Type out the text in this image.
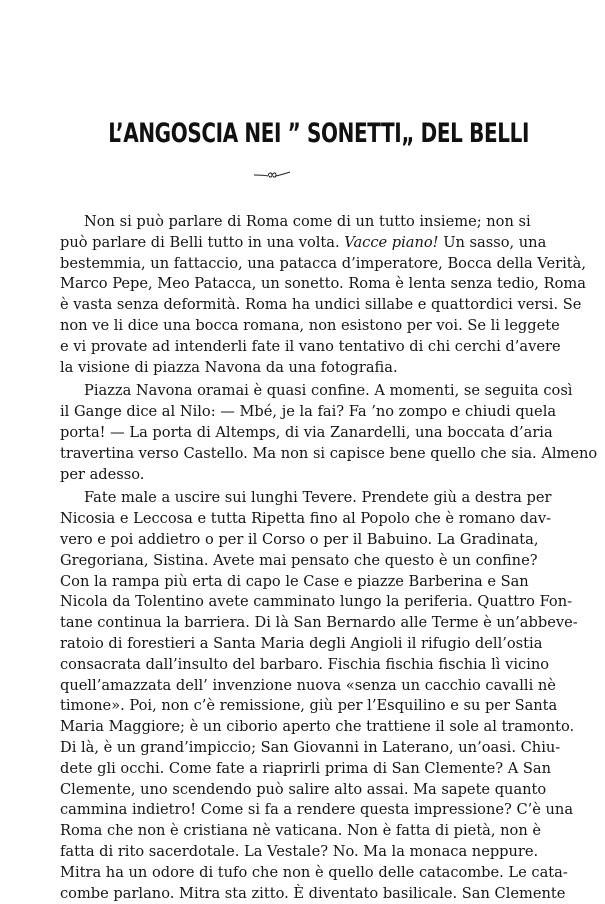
L’ANGOSCIA NEI ” SONETTI„ DEL BELLI
Non si può parlare di Roma come di un tutto insieme; non si
può parlare di Belli tutto in una volta. Vacce piano! Un sasso, una
bestemmia, un fattaccio, una patacca d’imperatore, Bocca della Verità,
Marco Pepe, Meo Patacca, un sonetto. Roma è lenta senza tedio, Roma
è vasta senza deformità. Roma ha undici sillabe e quattordici versi. Se
non ve li dice una bocca romana, non esistono per voi. Se li leggete
e vi provate ad intenderli fate il vano tentativo di chi cerchi d’avere
la visione di piazza Navona da una fotografia.
Piazza Navona oramai è quasi confine. A momenti, se seguita così
il Gange dice al Nilo: — Mbé, je la fai? Fa ’no zompo e chiudi quela
porta! — La porta di Altemps, di via Zanardelli, una boccata d’aria
travertina verso Castello. Ma non si capisce bene quello che sia. Almeno
per adesso.
Fate male a uscire sui lunghi Tevere. Prendete giù a destra per
Nicosia e Leccosa e tutta Ripetta fino al Popolo che è romano dav-
vero e poi addietro o per il Corso o per il Babuino. La Gradinata,
Gregoriana, Sistina. Avete mai pensato che questo è un confine?
Con la rampa più erta di capo le Case e piazze Barberina e San
Nicola da Tolentino avete camminato lungo la periferia. Quattro Fon-
tane continua la barriera. Di là San Bernardo alle Terme è un’abbeve-
ratoio di forestieri a Santa Maria degli Angioli il rifugio dell’ostia
consacrata dall’insulto del barbaro. Fischia fischia fischia lì vicino
quell’amazzata dell’ invenzione nuova «senza un cacchio cavalli nè
timone». Poi, non c’è remissione, giù per l’Esquilino e su per Santa
Maria Maggiore; è un ciborio aperto che trattiene il sole al tramonto.
Di là, è un grand’impiccio; San Giovanni in Laterano, un’oasi. Chiu-
dete gli occhi. Come fate a riaprirli prima di San Clemente? A San
Clemente, uno scendendo può salire alto assai. Ma sapete quanto
cammina indietro! Come si fa a rendere questa impressione? C’è una
Roma che non è cristiana nè vaticana. Non è fatta di pietà, non è
fatta di rito sacerdotale. La Vestale? No. Ma la monaca neppure.
Mitra ha un odore di tufo che non è quello delle catacombe. Le cata-
combe parlano. Mitra sta zitto. È diventato basilicale. San Clemente
